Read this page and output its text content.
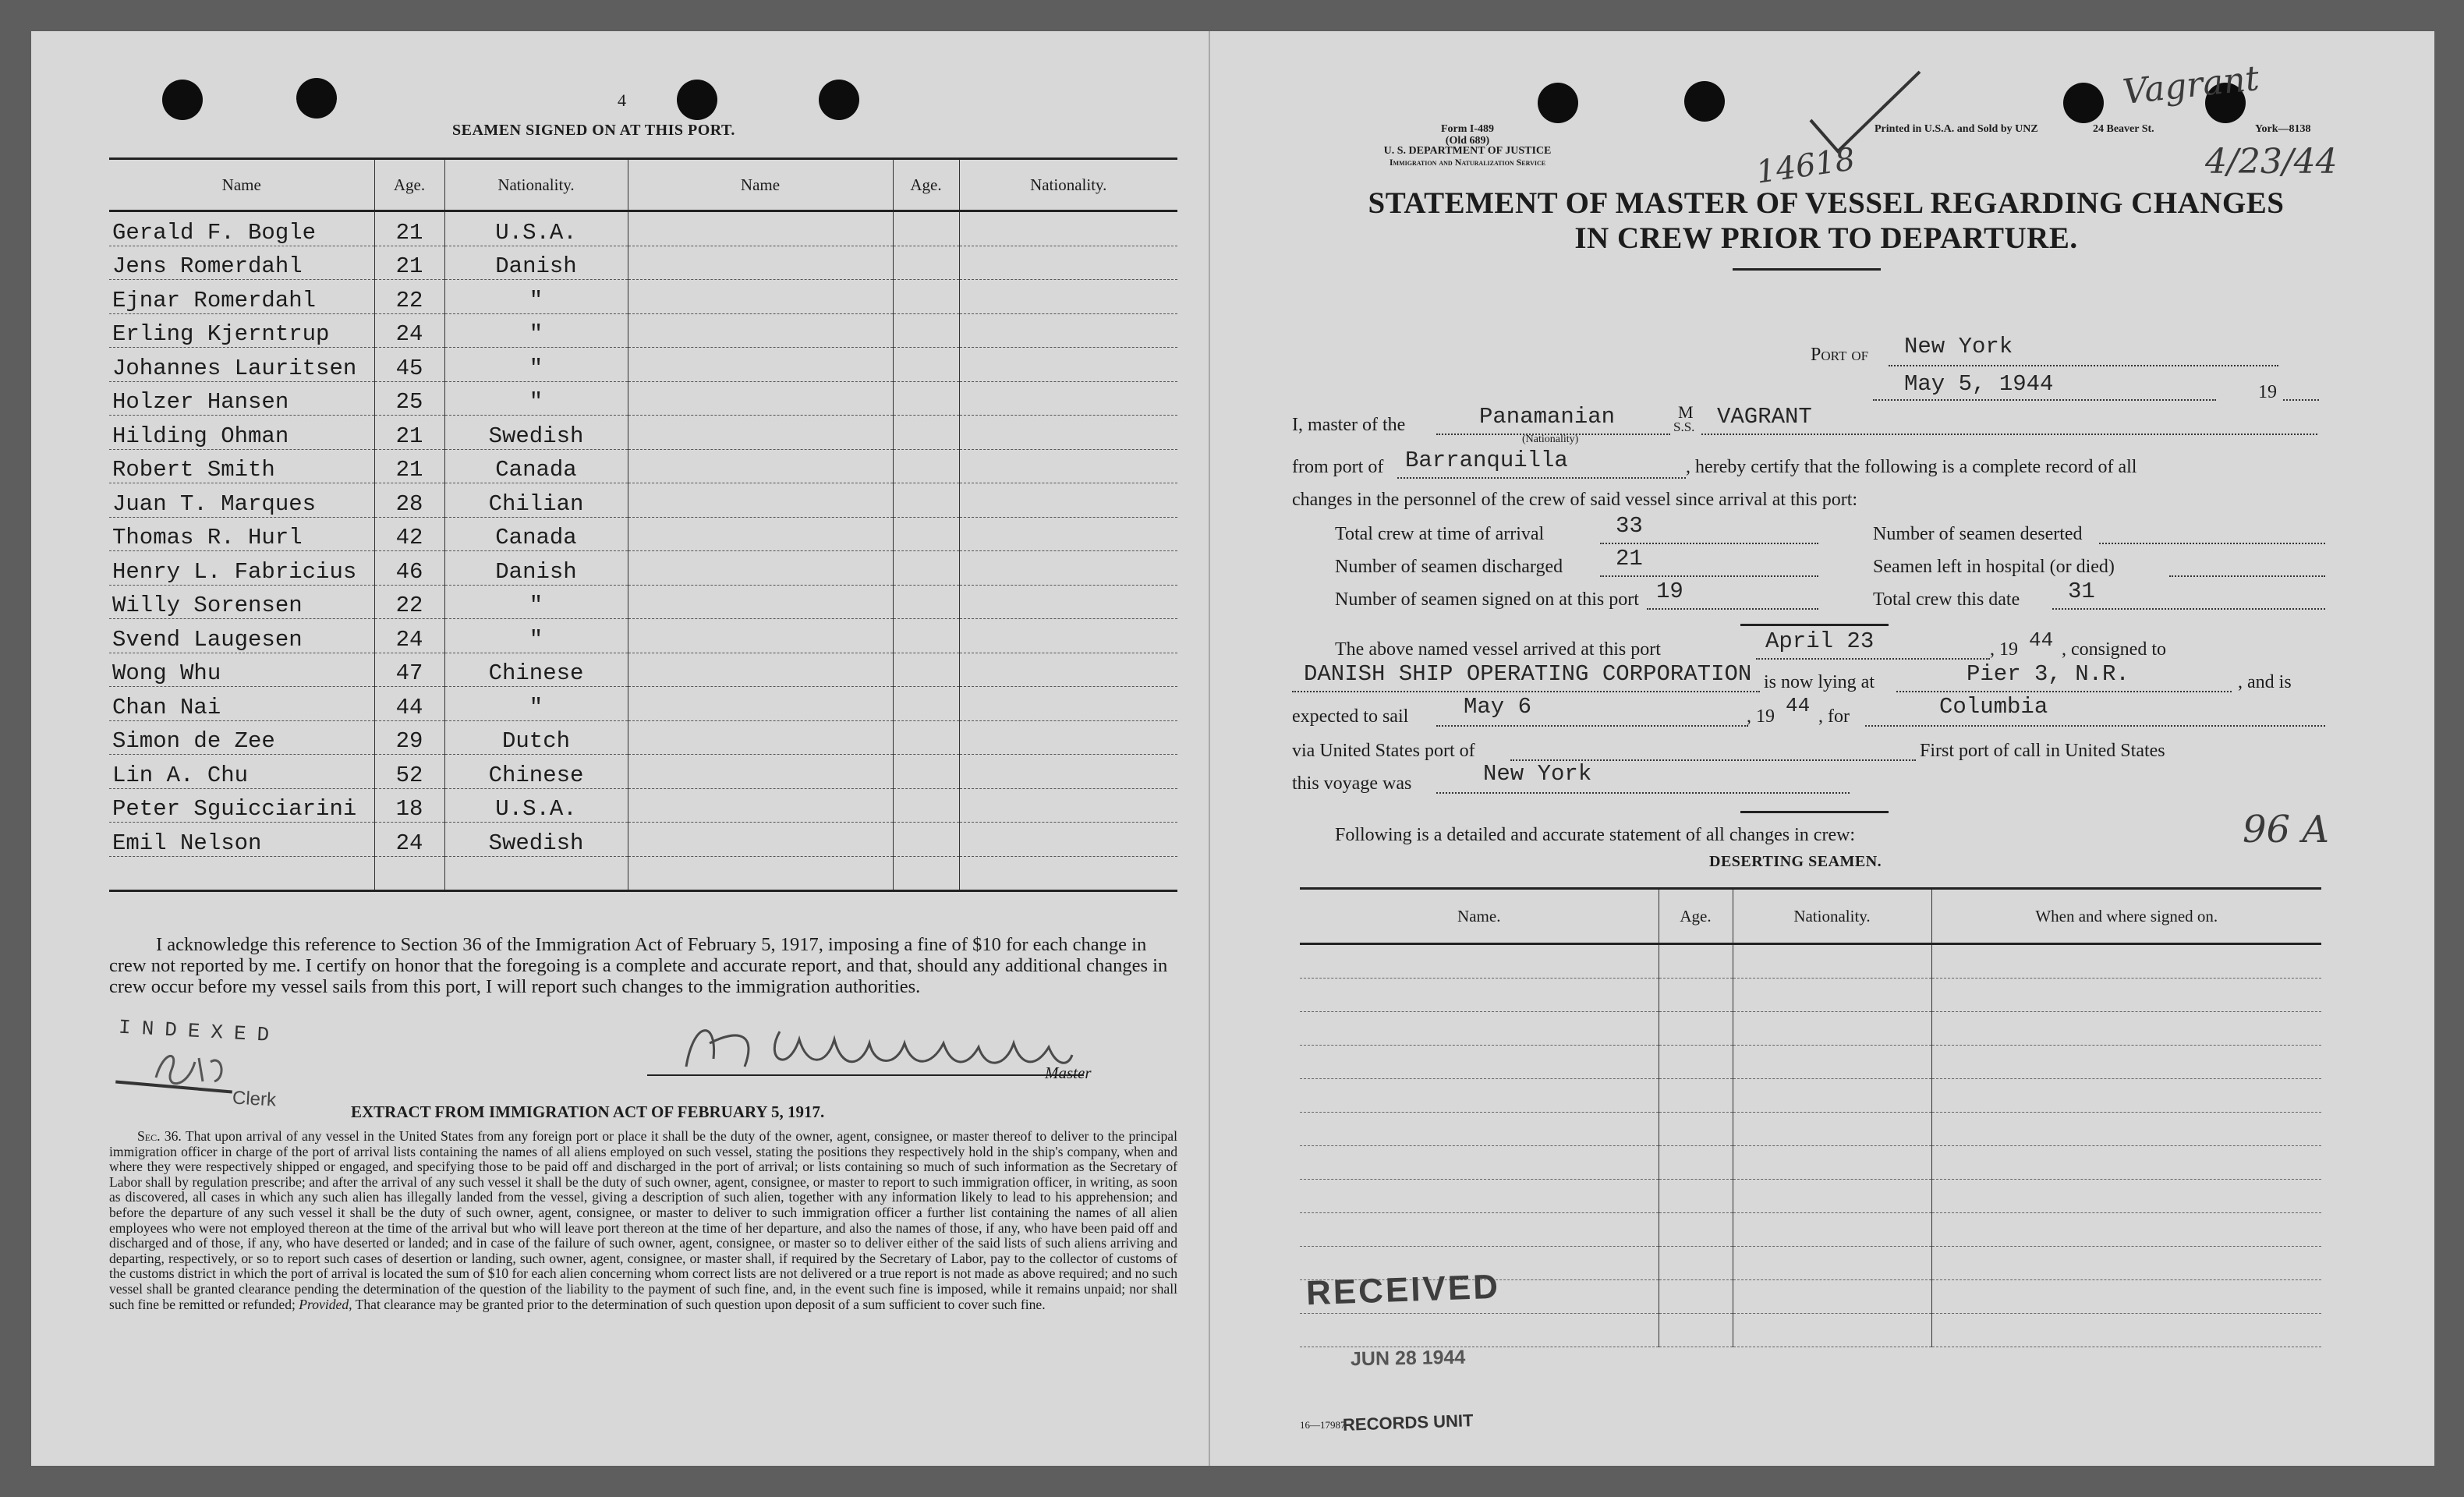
4
SEAMEN SIGNED ON AT THIS PORT.
Name	Age.	Nationality.	Name	Age.	Nationality.
Gerald F. Bogle	21	U.S.A.			
Jens Romerdahl	21	Danish			
Ejnar Romerdahl	22	"			
Erling Kjerntrup	24	"			
Johannes Lauritsen	45	"			
Holzer Hansen	25	"			
Hilding Ohman	21	Swedish			
Robert Smith	21	Canada			
Juan T. Marques	28	Chilian			
Thomas R. Hurl	42	Canada			
Henry L. Fabricius	46	Danish			
Willy Sorensen	22	"			
Svend Laugesen	24	"			
Wong Whu	47	Chinese			
Chan Nai	44	"			
Simon de Zee	29	Dutch			
Lin A. Chu	52	Chinese			
Peter Sguicciarini	18	U.S.A.			
Emil Nelson	24	Swedish			

I acknowledge this reference to Section 36 of the Immigration Act of February 5, 1917, imposing a fine of $10 for each change in crew not reported by me. I certify on honor that the foregoing is a complete and accurate report, and that, should any additional changes in crew occur before my vessel sails from this port, I will report such changes to the immigration authorities.
INDEXED
Clerk
Master
EXTRACT FROM IMMIGRATION ACT OF FEBRUARY 5, 1917.
Sec. 36. That upon arrival of any vessel in the United States from any foreign port or place it shall be the duty of the owner, agent, consignee, or master thereof to deliver to the principal immigration officer in charge of the port of arrival lists containing the names of all aliens employed on such vessel, stating the positions they respectively hold in the ship's company, when and where they were respectively shipped or engaged, and specifying those to be paid off and discharged in the port of arrival; or lists containing so much of such information as the Secretary of Labor shall by regulation prescribe; and after the arrival of any such vessel it shall be the duty of such owner, agent, consignee, or master to report to such immigration officer, in writing, as soon as discovered, all cases in which any such alien has illegally landed from the vessel, giving a description of such alien, together with any information likely to lead to his apprehension; and before the departure of any such vessel it shall be the duty of such owner, agent, consignee, or master to deliver to such immigration officer a further list containing the names of all alien employees who were not employed thereon at the time of the arrival but who will leave port thereon at the time of her departure, and also the names of those, if any, who have been paid off and discharged and of those, if any, who have deserted or landed; and in case of the failure of such owner, agent, consignee, or master so to deliver either of the said lists of such aliens arriving and departing, respectively, or so to report such cases of desertion or landing, such owner, agent, consignee, or master shall, if required by the Secretary of Labor, pay to the collector of customs of the customs district in which the port of arrival is located the sum of $10 for each alien concerning whom correct lists are not delivered or a true report is not made as above required; and no such vessel shall be granted clearance pending the determination of the question of the liability to the payment of such fine, and, in the event such fine is imposed, while it remains unpaid; nor shall such fine be remitted or refunded; Provided, That clearance may be granted prior to the determination of such question upon deposit of a sum sufficient to cover such fine.
Form I-489
(Old 689)
U. S. DEPARTMENT OF JUSTICE
Immigration and Naturalization Service
Printed in U.S.A. and Sold by UNZ	24 Beaver St.	York—8138
14618
Vagrant
4/23/44
STATEMENT OF MASTER OF VESSEL REGARDING CHANGES
IN CREW PRIOR TO DEPARTURE.
Port of New York
May 5, 1944	19
I, master of the	Panamanian
(Nationality)
M
S.S. VAGRANT
from port of Barranquilla	, hereby certify that the following is a complete record of all
changes in the personnel of the crew of said vessel since arrival at this port:
Total crew at time of arrival	33	Number of seamen deserted
Number of seamen discharged 21	Seamen left in hospital (or died)
Number of seamen signed on at this port 19	Total crew this date 31
The above named vessel arrived at this port	April 23	, 19 44 , consigned to
DANISH SHIP OPERATING CORPORATION is now lying at	Pier 3, N.R.	, and is
expected to sail May 6	, 19 44 , for	Columbia
via United States port of	First port of call in United States
this voyage was	New York
Following is a detailed and accurate statement of all changes in crew:
DESERTING SEAMEN.
96 A
Name.	Age.	Nationality.	When and where signed on.

RECEIVED
JUN 28 1944
16—17987
RECORDS UNIT
